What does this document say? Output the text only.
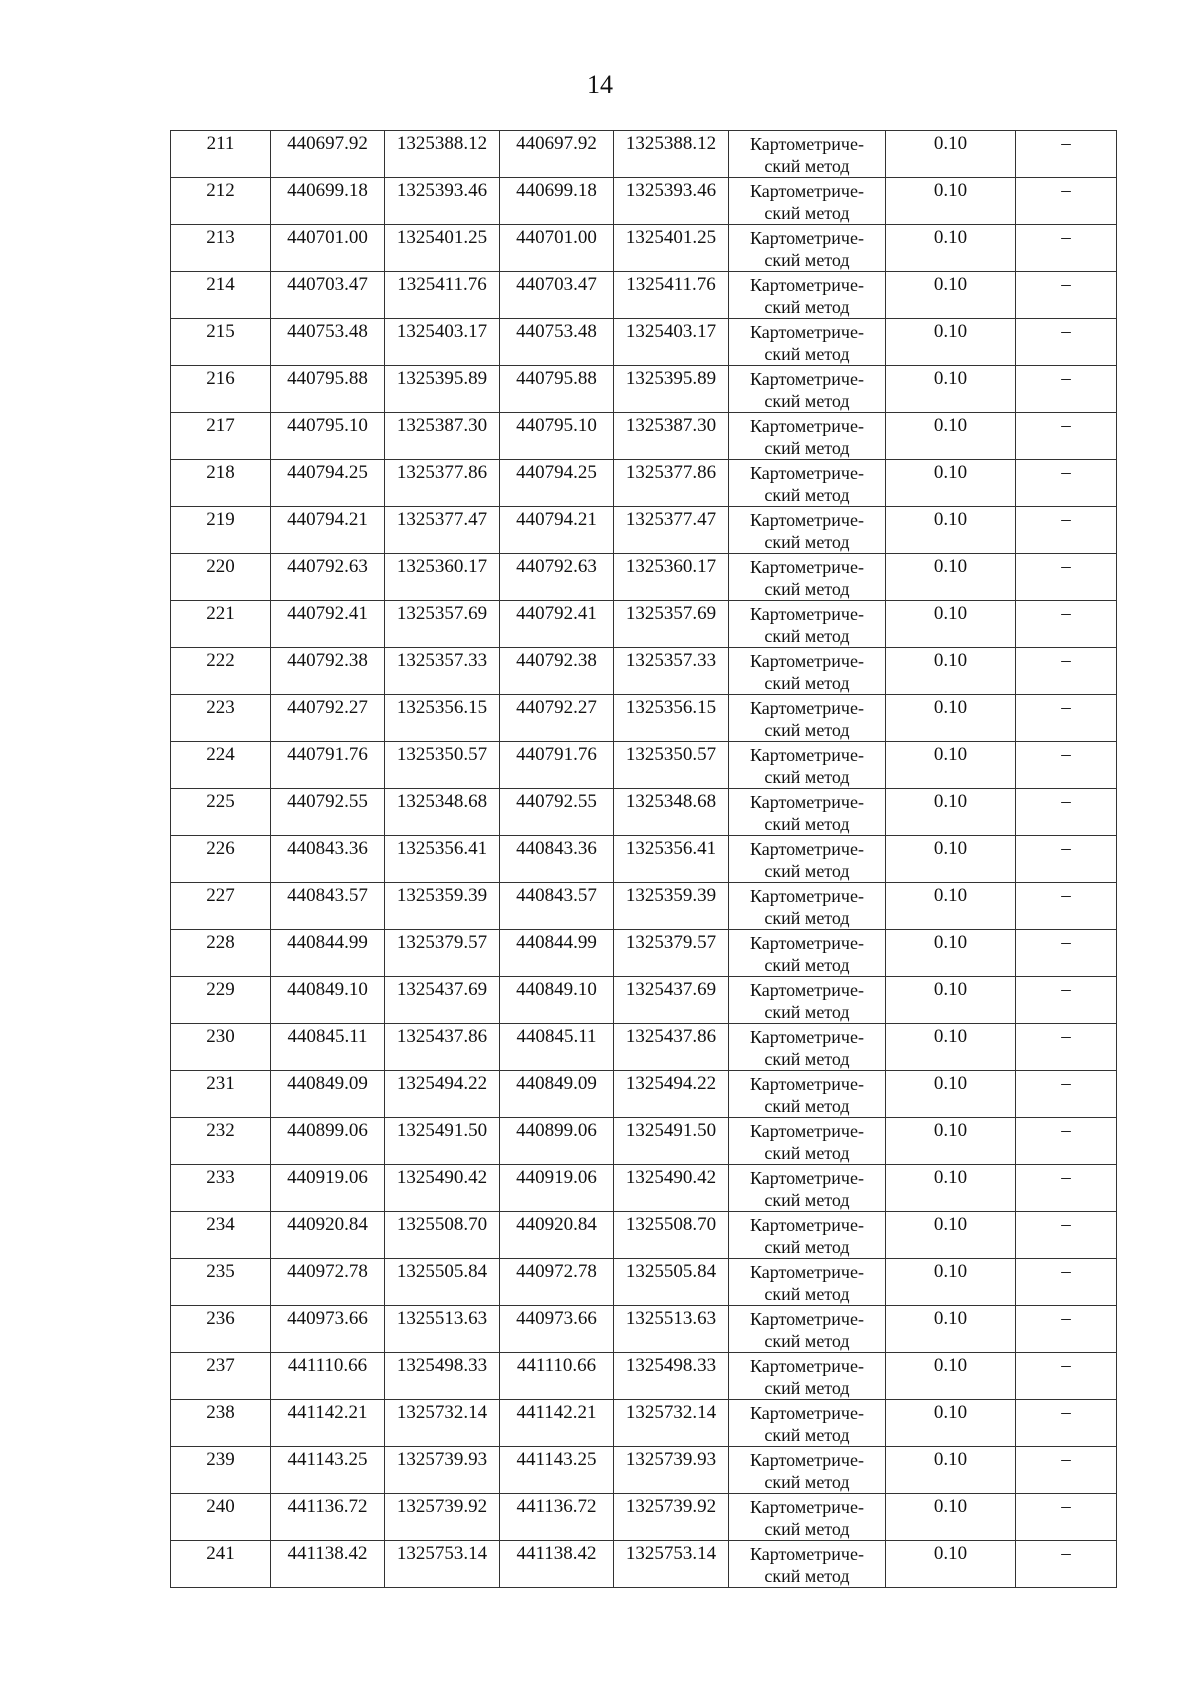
14
211	440697.92	1325388.12	440697.92	1325388.12	Картометриче-
ский метод	0.10	–
212	440699.18	1325393.46	440699.18	1325393.46	Картометриче-
ский метод	0.10	–
213	440701.00	1325401.25	440701.00	1325401.25	Картометриче-
ский метод	0.10	–
214	440703.47	1325411.76	440703.47	1325411.76	Картометриче-
ский метод	0.10	–
215	440753.48	1325403.17	440753.48	1325403.17	Картометриче-
ский метод	0.10	–
216	440795.88	1325395.89	440795.88	1325395.89	Картометриче-
ский метод	0.10	–
217	440795.10	1325387.30	440795.10	1325387.30	Картометриче-
ский метод	0.10	–
218	440794.25	1325377.86	440794.25	1325377.86	Картометриче-
ский метод	0.10	–
219	440794.21	1325377.47	440794.21	1325377.47	Картометриче-
ский метод	0.10	–
220	440792.63	1325360.17	440792.63	1325360.17	Картометриче-
ский метод	0.10	–
221	440792.41	1325357.69	440792.41	1325357.69	Картометриче-
ский метод	0.10	–
222	440792.38	1325357.33	440792.38	1325357.33	Картометриче-
ский метод	0.10	–
223	440792.27	1325356.15	440792.27	1325356.15	Картометриче-
ский метод	0.10	–
224	440791.76	1325350.57	440791.76	1325350.57	Картометриче-
ский метод	0.10	–
225	440792.55	1325348.68	440792.55	1325348.68	Картометриче-
ский метод	0.10	–
226	440843.36	1325356.41	440843.36	1325356.41	Картометриче-
ский метод	0.10	–
227	440843.57	1325359.39	440843.57	1325359.39	Картометриче-
ский метод	0.10	–
228	440844.99	1325379.57	440844.99	1325379.57	Картометриче-
ский метод	0.10	–
229	440849.10	1325437.69	440849.10	1325437.69	Картометриче-
ский метод	0.10	–
230	440845.11	1325437.86	440845.11	1325437.86	Картометриче-
ский метод	0.10	–
231	440849.09	1325494.22	440849.09	1325494.22	Картометриче-
ский метод	0.10	–
232	440899.06	1325491.50	440899.06	1325491.50	Картометриче-
ский метод	0.10	–
233	440919.06	1325490.42	440919.06	1325490.42	Картометриче-
ский метод	0.10	–
234	440920.84	1325508.70	440920.84	1325508.70	Картометриче-
ский метод	0.10	–
235	440972.78	1325505.84	440972.78	1325505.84	Картометриче-
ский метод	0.10	–
236	440973.66	1325513.63	440973.66	1325513.63	Картометриче-
ский метод	0.10	–
237	441110.66	1325498.33	441110.66	1325498.33	Картометриче-
ский метод	0.10	–
238	441142.21	1325732.14	441142.21	1325732.14	Картометриче-
ский метод	0.10	–
239	441143.25	1325739.93	441143.25	1325739.93	Картометриче-
ский метод	0.10	–
240	441136.72	1325739.92	441136.72	1325739.92	Картометриче-
ский метод	0.10	–
241	441138.42	1325753.14	441138.42	1325753.14	Картометриче-
ский метод	0.10	–
